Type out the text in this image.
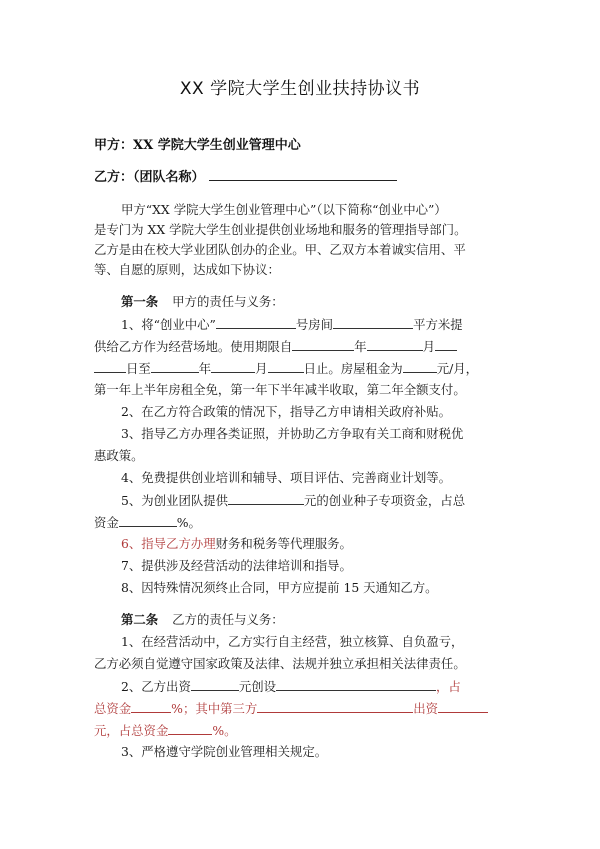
XX 学院大学生创业扶持协议书
甲方：XX 学院大学生创业管理中心
乙方：（团队名称）
甲方“XX 学院大学生创业管理中心”（以下简称“创业中心”）
是专门为 XX 学院大学生创业提供创业场地和服务的管理指导部门。
乙方是由在校大学业团队创办的企业。甲、乙双方本着诚实信用、平
等、自愿的原则，达成如下协议：
第一条 甲方的责任与义务：
1、将“创业中心”	号房间	平方米提
供给乙方作为经营场地。使用期限自	年	月
日至	年	月	日止。房屋租金为	元/月，
第一年上半年房租全免，第一年下半年减半收取，第二年全额支付。
2、在乙方符合政策的情况下，指导乙方申请相关政府补贴。
3、指导乙方办理各类证照，并协助乙方争取有关工商和财税优
惠政策。
4、免费提供创业培训和辅导、项目评估、完善商业计划等。
5、为创业团队提供	元的创业种子专项资金，占总
资金	%。
6、指导乙方办理财务和税务等代理服务。
7、提供涉及经营活动的法律培训和指导。
8、因特殊情况须终止合同，甲方应提前 15 天通知乙方。
第二条 乙方的责任与义务：
1、在经营活动中，乙方实行自主经营，独立核算、自负盈亏，
乙方必须自觉遵守国家政策及法律、法规并独立承担相关法律责任。
2、乙方出资	元创设	，占
总资金	%；其中第三方	出资
元，占总资金	%。
3、严格遵守学院创业管理相关规定。
